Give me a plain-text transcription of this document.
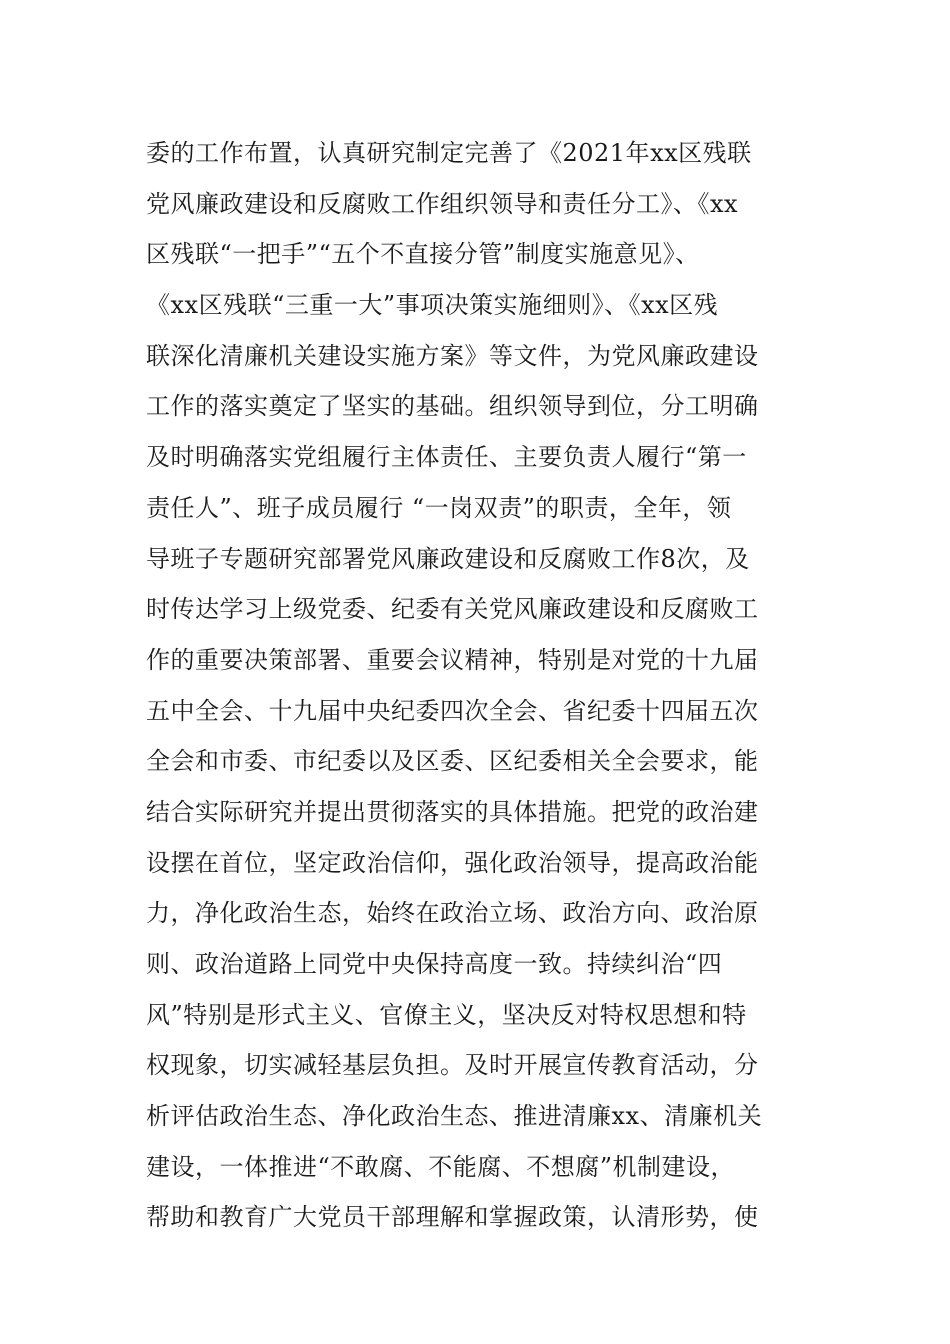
委的工作布置，认真研究制定完善了《2021年xx区残联
党风廉政建设和反腐败工作组织领导和责任分工》、《xx
区残联“一把手”“五个不直接分管”制度实施意见》、
《xx区残联“三重一大”事项决策实施细则》、《xx区残
联深化清廉机关建设实施方案》等文件，为党风廉政建设
工作的落实奠定了坚实的基础。组织领导到位，分工明确
及时明确落实党组履行主体责任、主要负责人履行“第一
责任人”、班子成员履行 “一岗双责”的职责，全年，领
导班子专题研究部署党风廉政建设和反腐败工作8次，及
时传达学习上级党委、纪委有关党风廉政建设和反腐败工
作的重要决策部署、重要会议精神，特别是对党的十九届
五中全会、十九届中央纪委四次全会、省纪委十四届五次
全会和市委、市纪委以及区委、区纪委相关全会要求，能
结合实际研究并提出贯彻落实的具体措施。把党的政治建
设摆在首位，坚定政治信仰，强化政治领导，提高政治能
力，净化政治生态，始终在政治立场、政治方向、政治原
则、政治道路上同党中央保持高度一致。持续纠治“四
风”特别是形式主义、官僚主义，坚决反对特权思想和特
权现象，切实减轻基层负担。及时开展宣传教育活动，分
析评估政治生态、净化政治生态、推进清廉xx、清廉机关
建设，一体推进“不敢腐、不能腐、不想腐”机制建设，
帮助和教育广大党员干部理解和掌握政策，认清形势，使
